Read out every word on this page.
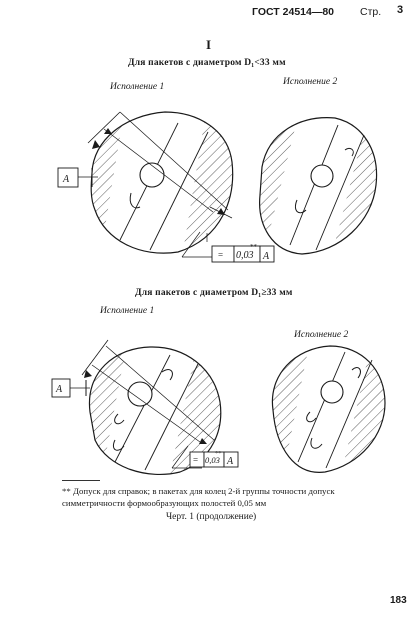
ГОСТ 24514—80 Стр. 3
I
Для пакетов с диаметром D₁<33 мм
Исполнение 1	Исполнение 2
Для пакетов с диаметром D₁≥33 мм
Исполнение 1
Исполнение 2
A
= 0,03
**
A
A
= 0,03
**
A
** Допуск для справок; в пакетах для колец 2-й группы точности допуск
симметричности формообразующих полостей 0,05 мм
Черт. 1 (продолжение)
183
